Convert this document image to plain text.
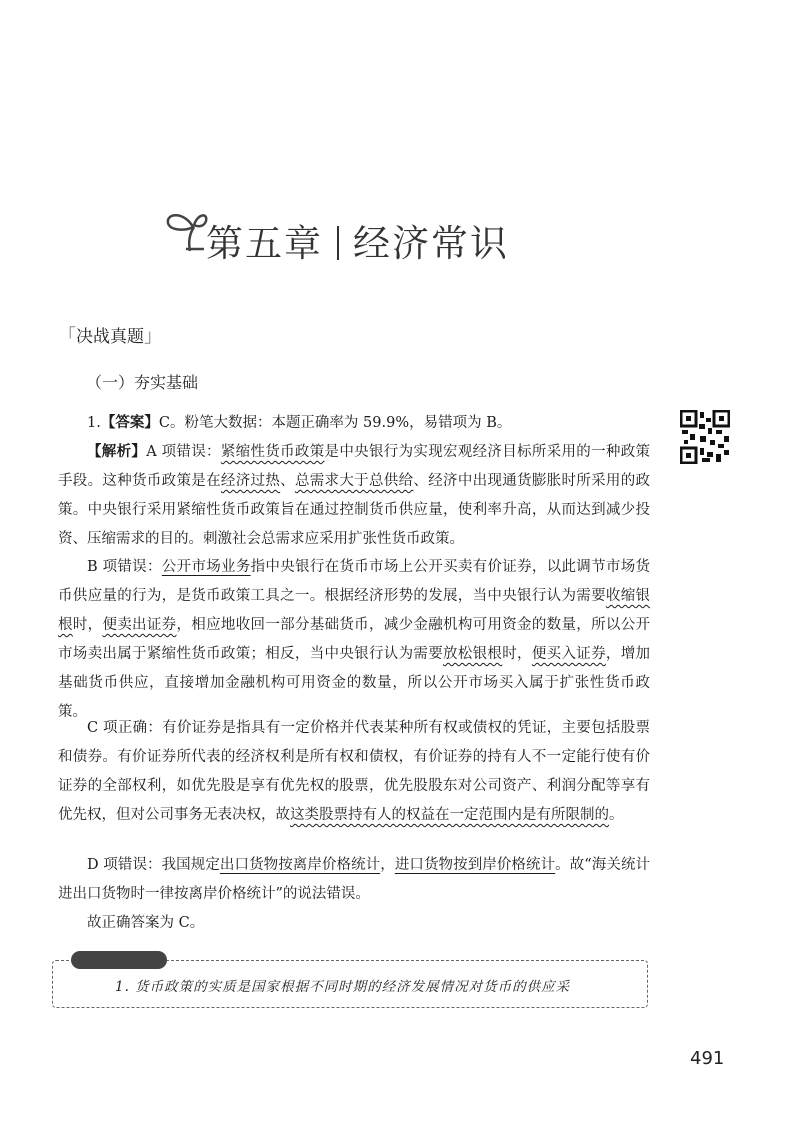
第五章 经济常识
「决战真题」
（一）夯实基础

1.【答案】C。粉笔大数据：本题正确率为 59.9%，易错项为 B。

【解析】A 项错误：紧缩性货币政策是中央银行为实现宏观经济目标所采用的一种政策手段。这种货币政策是在经济过热、总需求大于总供给、经济中出现通货膨胀时所采用的政策。中央银行采用紧缩性货币政策旨在通过控制货币供应量，使利率升高，从而达到减少投资、压缩需求的目的。刺激社会总需求应采用扩张性货币政策。

B 项错误：公开市场业务指中央银行在货币市场上公开买卖有价证券，以此调节市场货币供应量的行为，是货币政策工具之一。根据经济形势的发展，当中央银行认为需要收缩银根时，便卖出证券，相应地收回一部分基础货币，减少金融机构可用资金的数量，所以公开市场卖出属于紧缩性货币政策；相反，当中央银行认为需要放松银根时，便买入证券，增加基础货币供应，直接增加金融机构可用资金的数量，所以公开市场买入属于扩张性货币政策。

C 项正确：有价证券是指具有一定价格并代表某种所有权或债权的凭证，主要包括股票和债券。有价证券所代表的经济权利是所有权和债权，有价证券的持有人不一定能行使有价证券的全部权利，如优先股是享有优先权的股票，优先股股东对公司资产、利润分配等享有优先权，但对公司事务无表决权，故这类股票持有人的权益在一定范围内是有所限制的。

D 项错误：我国规定出口货物按离岸价格统计，进口货物按到岸价格统计。故“海关统计进出口货物时一律按离岸价格统计”的说法错误。

故正确答案为 C。

1. 货币政策的实质是国家根据不同时期的经济发展情况对货币的供应采
491
